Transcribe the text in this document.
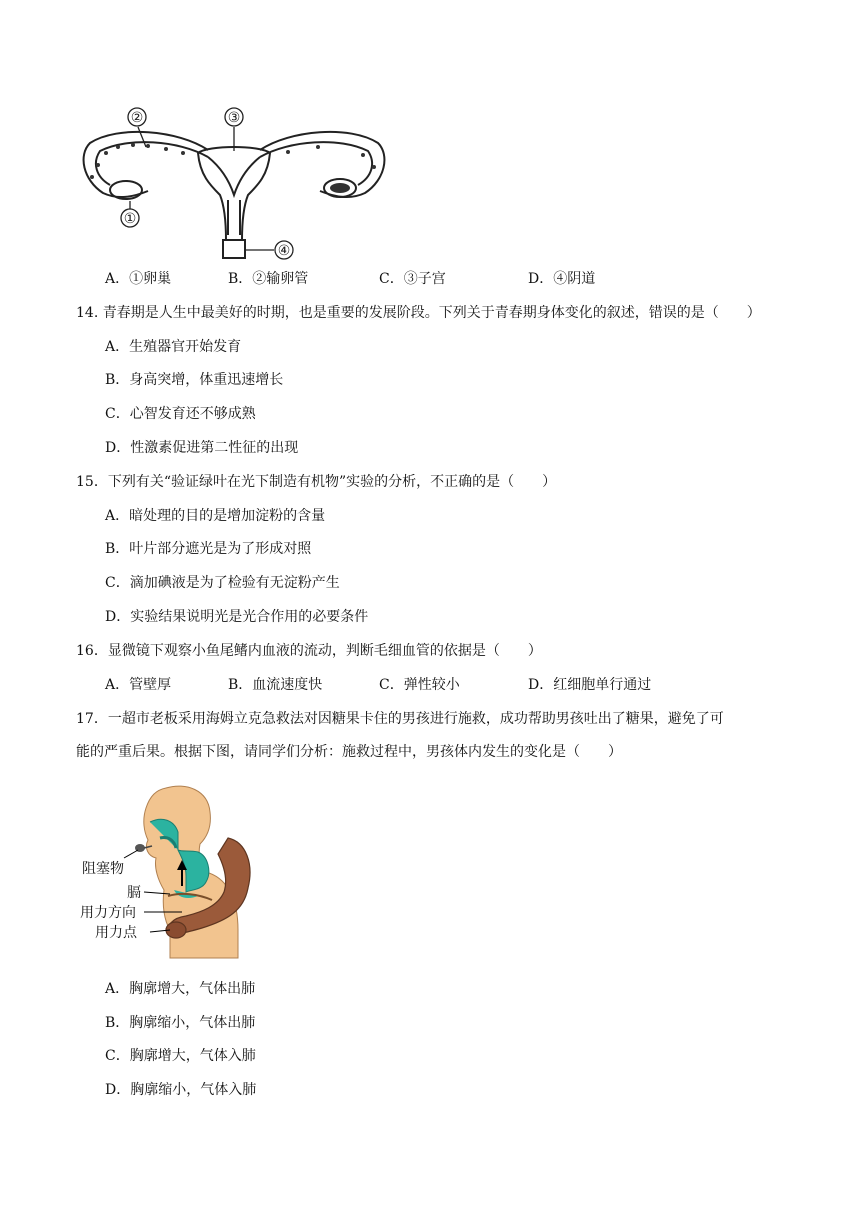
②	③
①
④
A．①卵巢	B．②输卵管	C．③子宫	D．④阴道
14. 青春期是人生中最美好的时期，也是重要的发展阶段。下列关于青春期身体变化的叙述，错误的是（　　）
A．生殖器官开始发育
B．身高突增，体重迅速增长
C．心智发育还不够成熟
D．性激素促进第二性征的出现
15．下列有关“验证绿叶在光下制造有机物”实验的分析，不正确的是（　　）
A．暗处理的目的是增加淀粉的含量
B．叶片部分遮光是为了形成对照
C．滴加碘液是为了检验有无淀粉产生
D．实验结果说明光是光合作用的必要条件
16．显微镜下观察小鱼尾鳍内血液的流动，判断毛细血管的依据是（　　）
A．管壁厚	B．血流速度快	C．弹性较小	D．红细胞单行通过
17．一超市老板采用海姆立克急救法对因糖果卡住的男孩进行施救，成功帮助男孩吐出了糖果，避免了可
能的严重后果。根据下图，请同学们分析：施救过程中，男孩体内发生的变化是（　　）
阻塞物
膈
用力方向
用力点
A．胸廓增大，气体出肺
B．胸廓缩小，气体出肺
C．胸廓增大，气体入肺
D．胸廓缩小，气体入肺
